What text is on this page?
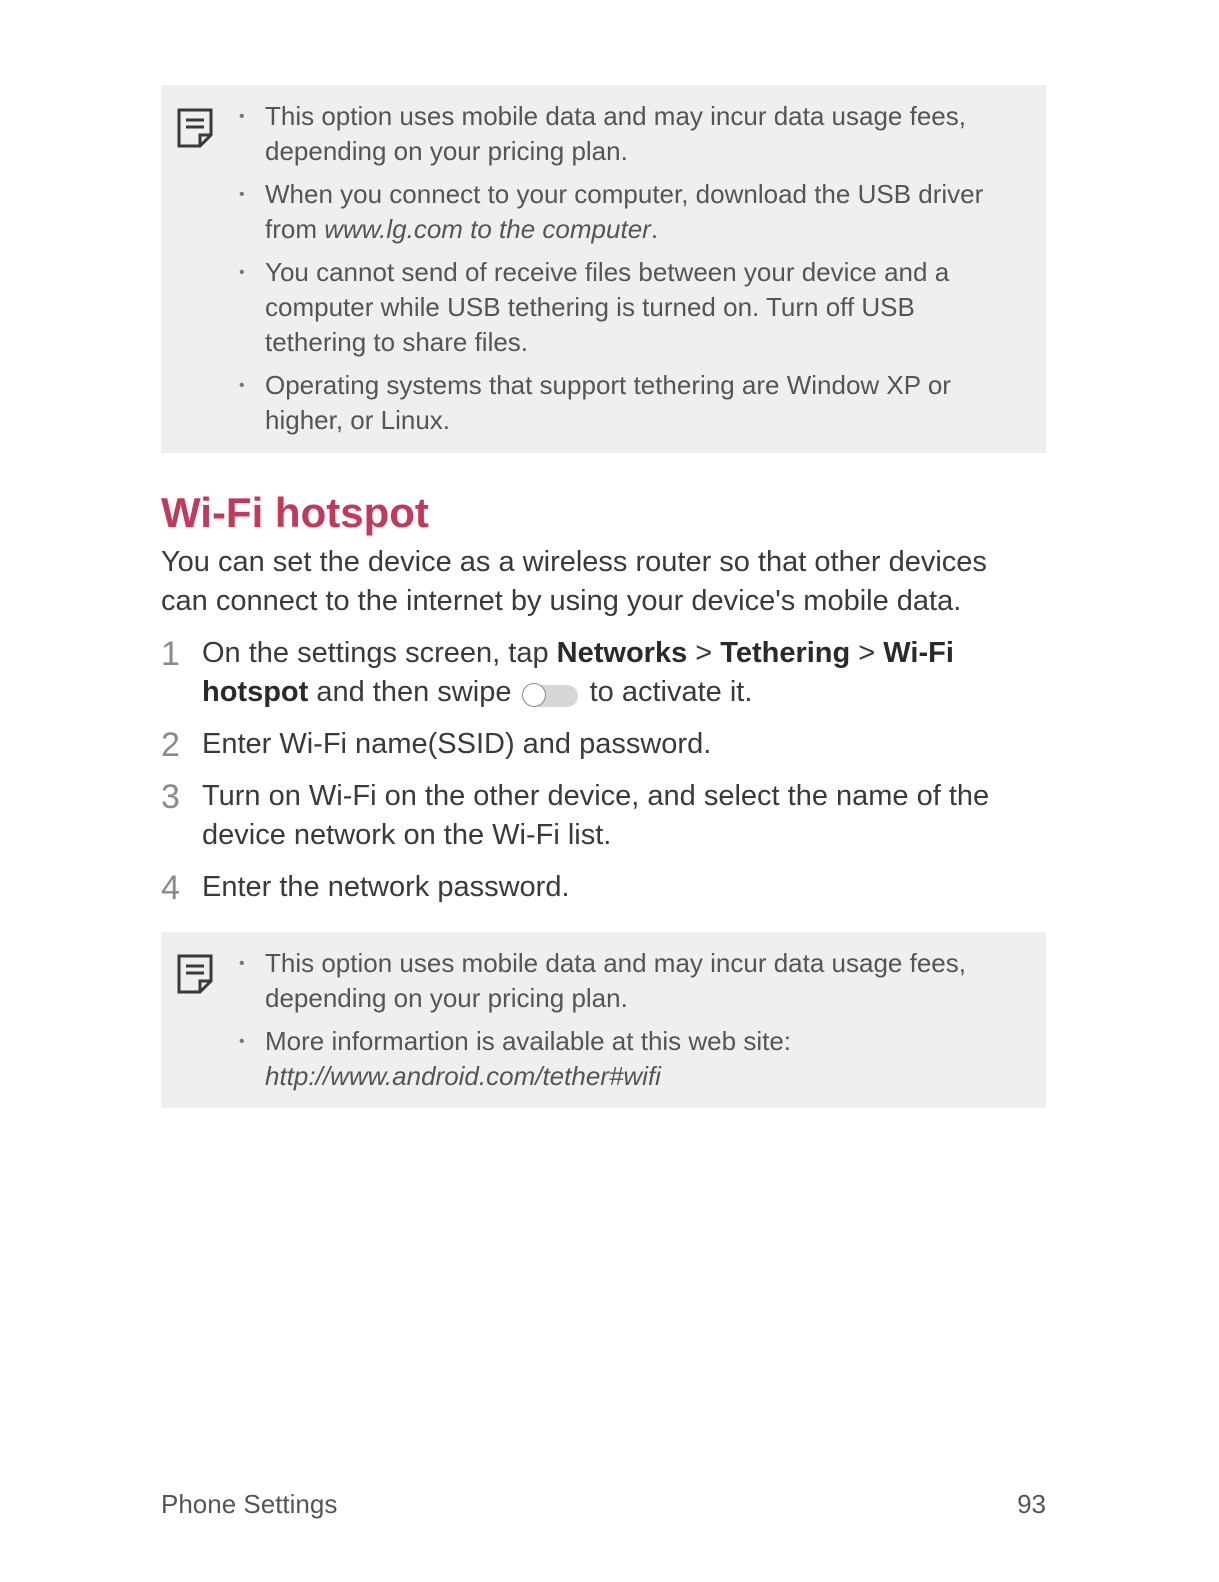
• This option uses mobile data and may incur data usage fees, depending on your pricing plan.
• When you connect to your computer, download the USB driver from www.lg.com to the computer.
• You cannot send of receive files between your device and a computer while USB tethering is turned on. Turn off USB tethering to share files.
• Operating systems that support tethering are Window XP or higher, or Linux.
Wi-Fi hotspot

You can set the device as a wireless router so that other devices can connect to the internet by using your device's mobile data.

1 On the settings screen, tap Networks > Tethering > Wi-Fi hotspot and then swipe
to activate it.
2 Enter Wi-Fi name(SSID) and password.
3 Turn on Wi-Fi on the other device, and select the name of the device network on the Wi-Fi list.
4 Enter the network password.
• This option uses mobile data and may incur data usage fees, depending on your pricing plan.
• More informartion is available at this web site:
http://www.android.com/tether#wifi
Phone Settings	93
